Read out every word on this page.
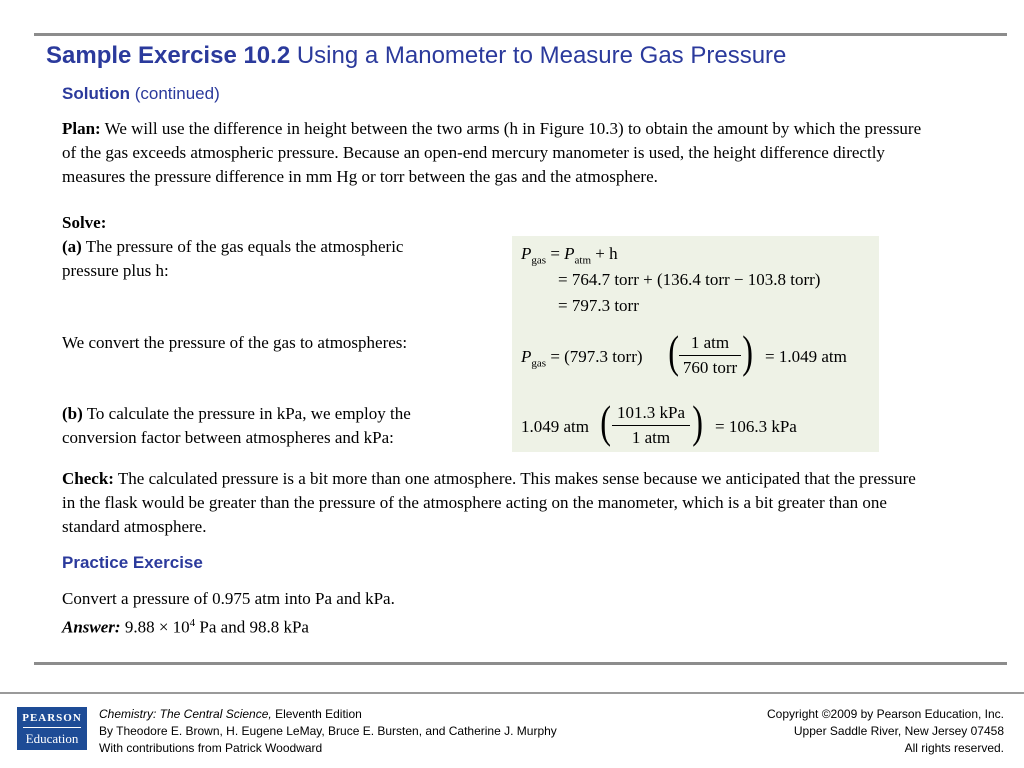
Sample Exercise 10.2 Using a Manometer to Measure Gas Pressure
Solution (continued)
Plan: We will use the difference in height between the two arms (h in Figure 10.3) to obtain the amount by which the pressure of the gas exceeds atmospheric pressure. Because an open-end mercury manometer is used, the height difference directly measures the pressure difference in mm Hg or torr between the gas and the atmosphere.
Solve:
(a) The pressure of the gas equals the atmospheric
pressure plus h:
We convert the pressure of the gas to atmospheres:
(b) To calculate the pressure in kPa, we employ the
conversion factor between atmospheres and kPa:
$P_{gas} = P_{atm} + h$
= 764.7 torr + (136.4 torr − 103.8 torr)
= 797.3 torr
$P_{gas} = (797.3$ torr) ( 1 atm
760 torr ) = 1.049 atm
1.049 atm ( 101.3 kPa
1 atm ) = 106.3 kPa
Check: The calculated pressure is a bit more than one atmosphere. This makes sense because we anticipated that the pressure in the flask would be greater than the pressure of the atmosphere acting on the manometer, which is a bit greater than one standard atmosphere.
Practice Exercise
Convert a pressure of 0.975 atm into Pa and kPa.
Answer: $9.88 \times 10^4$ Pa and 98.8 kPa
PEARSON
Education
Chemistry: The Central Science, Eleventh Edition
By Theodore E. Brown, H. Eugene LeMay, Bruce E. Bursten, and Catherine J. Murphy
With contributions from Patrick Woodward
Copyright ©2009 by Pearson Education, Inc.
Upper Saddle River, New Jersey 07458
All rights reserved.
